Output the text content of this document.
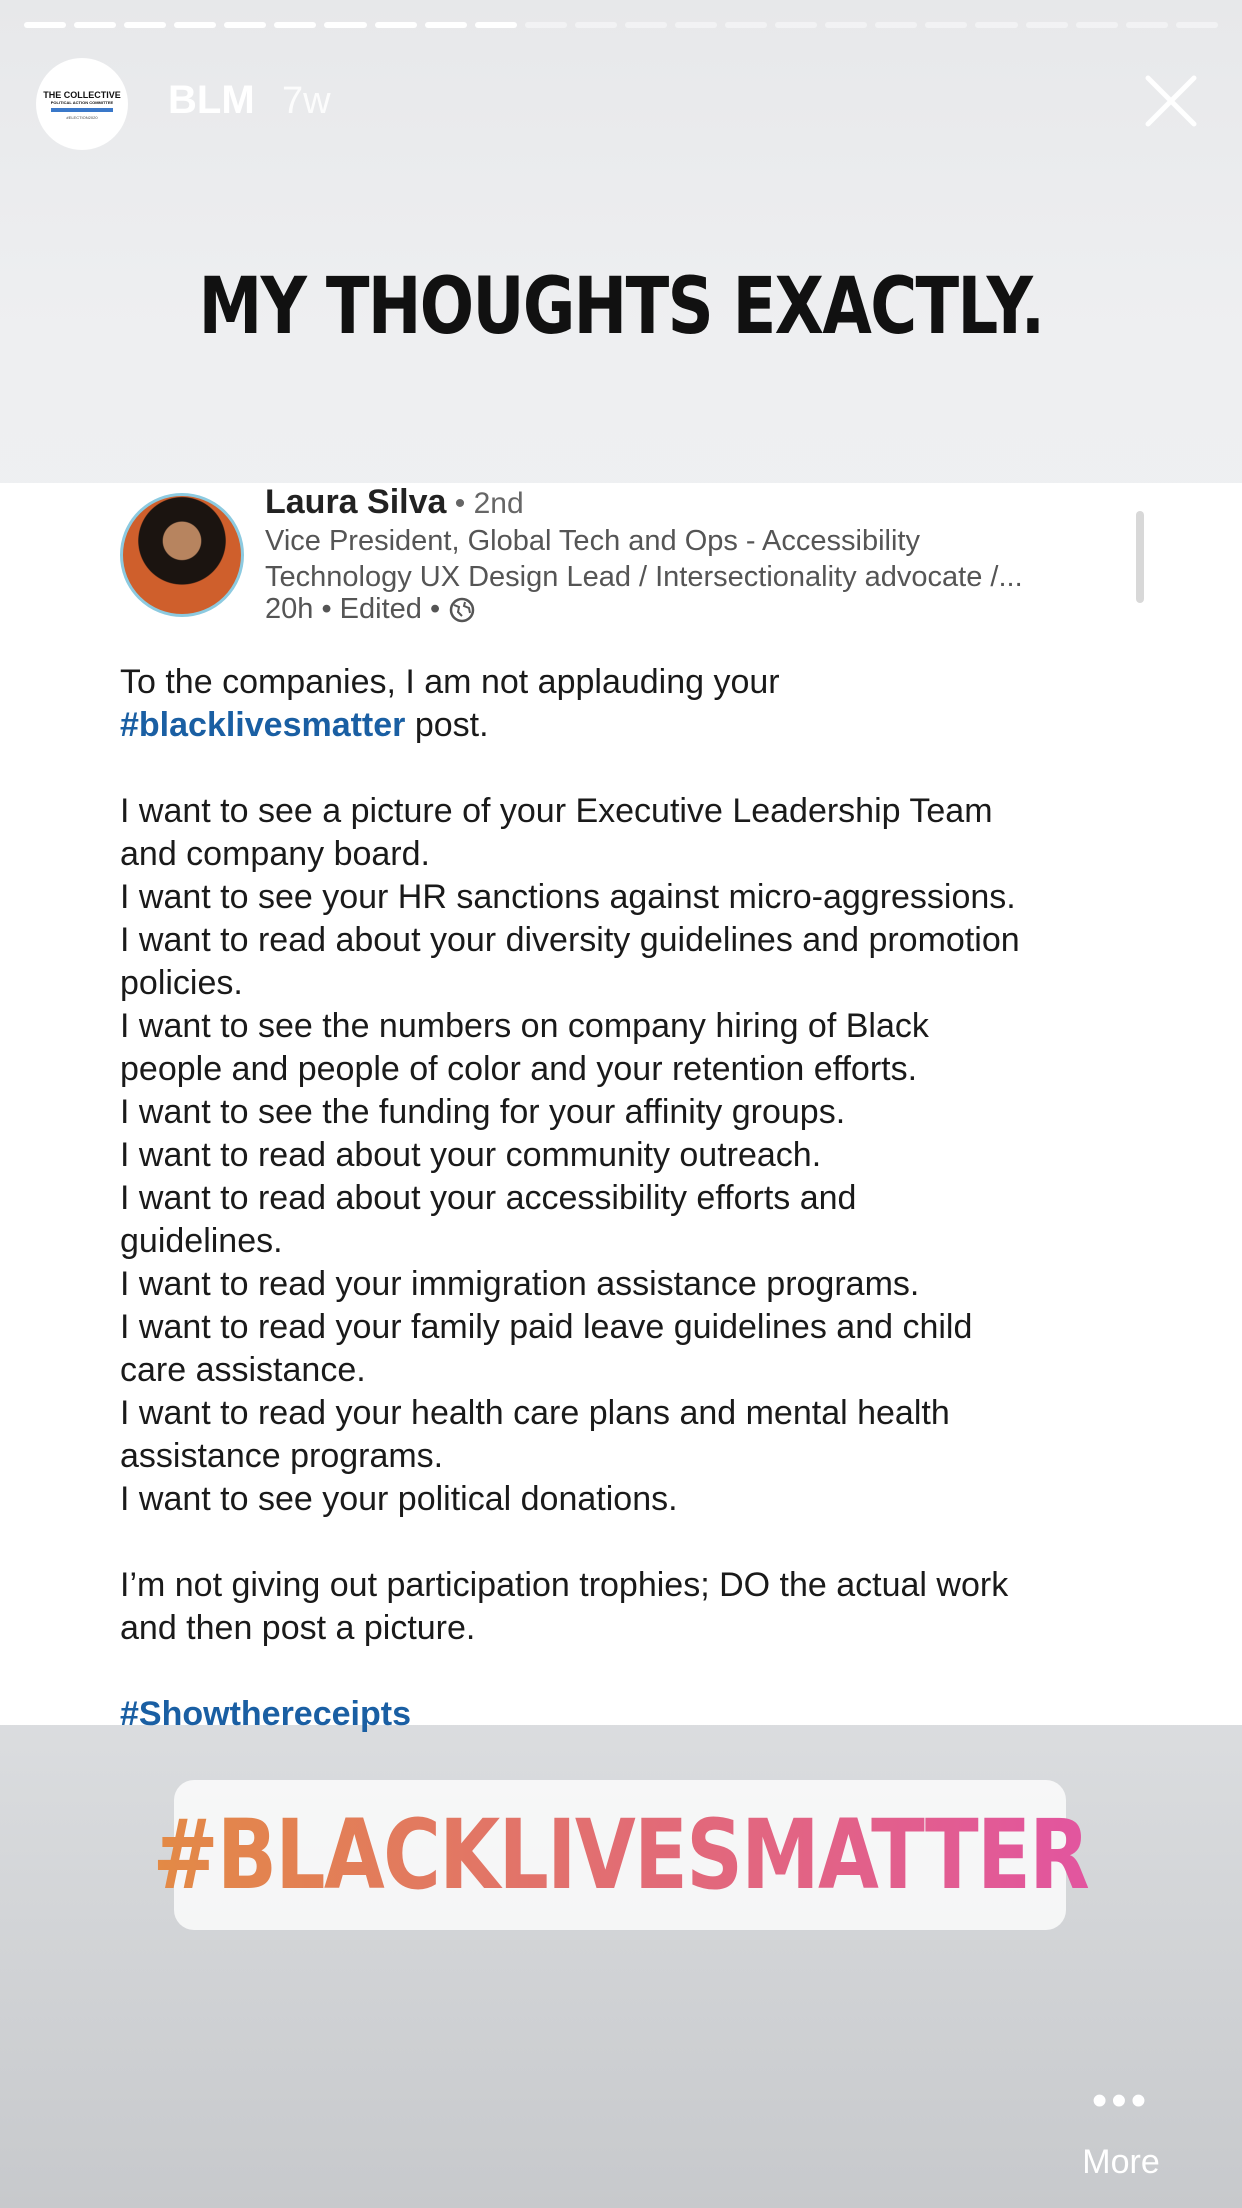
THE COLLECTIVE
POLITICAL ACTION COMMITTEE
#ELECTION2020 BLM 7w
MY THOUGHTS EXACTLY.
Laura Silva • 2nd
Vice President, Global Tech and Ops - Accessibility
Technology UX Design Lead / Intersectionality advocate /...
20h • Edited •

To the companies, I am not applauding your

#blacklivesmatter post.

I want to see a picture of your Executive Leadership Team

and company board.

I want to see your HR sanctions against micro-aggressions.

I want to read about your diversity guidelines and promotion

policies.

I want to see the numbers on company hiring of Black

people and people of color and your retention efforts.

I want to see the funding for your affinity groups.

I want to read about your community outreach.

I want to read about your accessibility efforts and

guidelines.

I want to read your immigration assistance programs.

I want to read your family paid leave guidelines and child

care assistance.

I want to read your health care plans and mental health

assistance programs.

I want to see your political donations.

I’m not giving out participation trophies; DO the actual work

and then post a picture.

#Showthereceipts

#BLACKLIVESMATTER
•••
More
